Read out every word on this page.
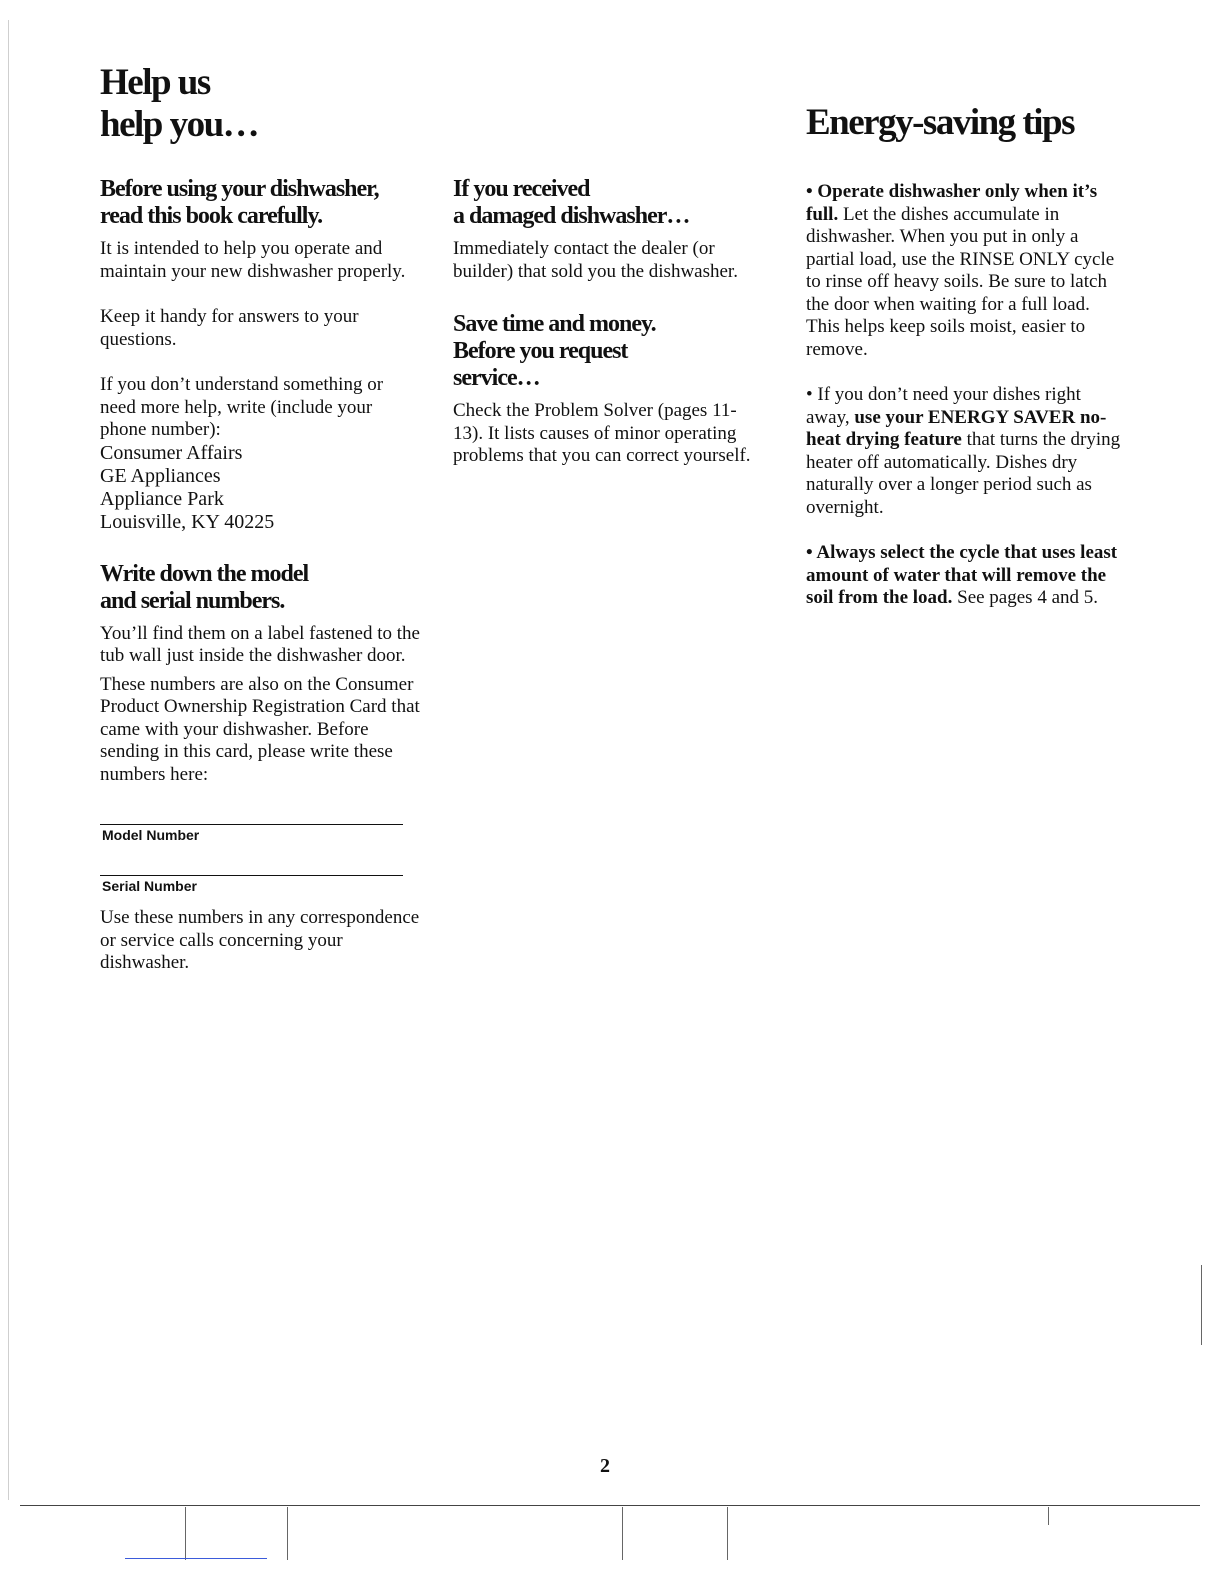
Help us
help you…	Energy-saving tips
Before using your dishwasher,
read this book carefully.

It is intended to help you operate and maintain your new dishwasher properly.

Keep it handy for answers to your questions.

If you don’t understand something or need more help, write (include your phone number):

Consumer Affairs
GE Appliances
Appliance Park
Louisville, KY 40225
Write down the model
and serial numbers.

You’ll find them on a label fastened to the tub wall just inside the dishwasher door.

These numbers are also on the Consumer Product Ownership Registration Card that came with your dishwasher. Before sending in this card, please write these numbers here:

Model Number
Serial Number

Use these numbers in any correspondence or service calls concerning your dishwasher.

If you received
a damaged dishwasher…

Immediately contact the dealer (or builder) that sold you the dishwasher.

Save time and money.
Before you request
service…

Check the Problem Solver (pages 11-13). It lists causes of minor operating problems that you can correct yourself.

• Operate dishwasher only when it’s full. Let the dishes accumulate in dishwasher. When you put in only a partial load, use the RINSE ONLY cycle to rinse off heavy soils. Be sure to latch the door when waiting for a full load. This helps keep soils moist, easier to remove.

• If you don’t need your dishes right away, use your ENERGY SAVER no-heat drying feature that turns the drying heater off automatically. Dishes dry naturally over a longer period such as overnight.

• Always select the cycle that uses least amount of water that will remove the soil from the load. See pages 4 and 5.

2
